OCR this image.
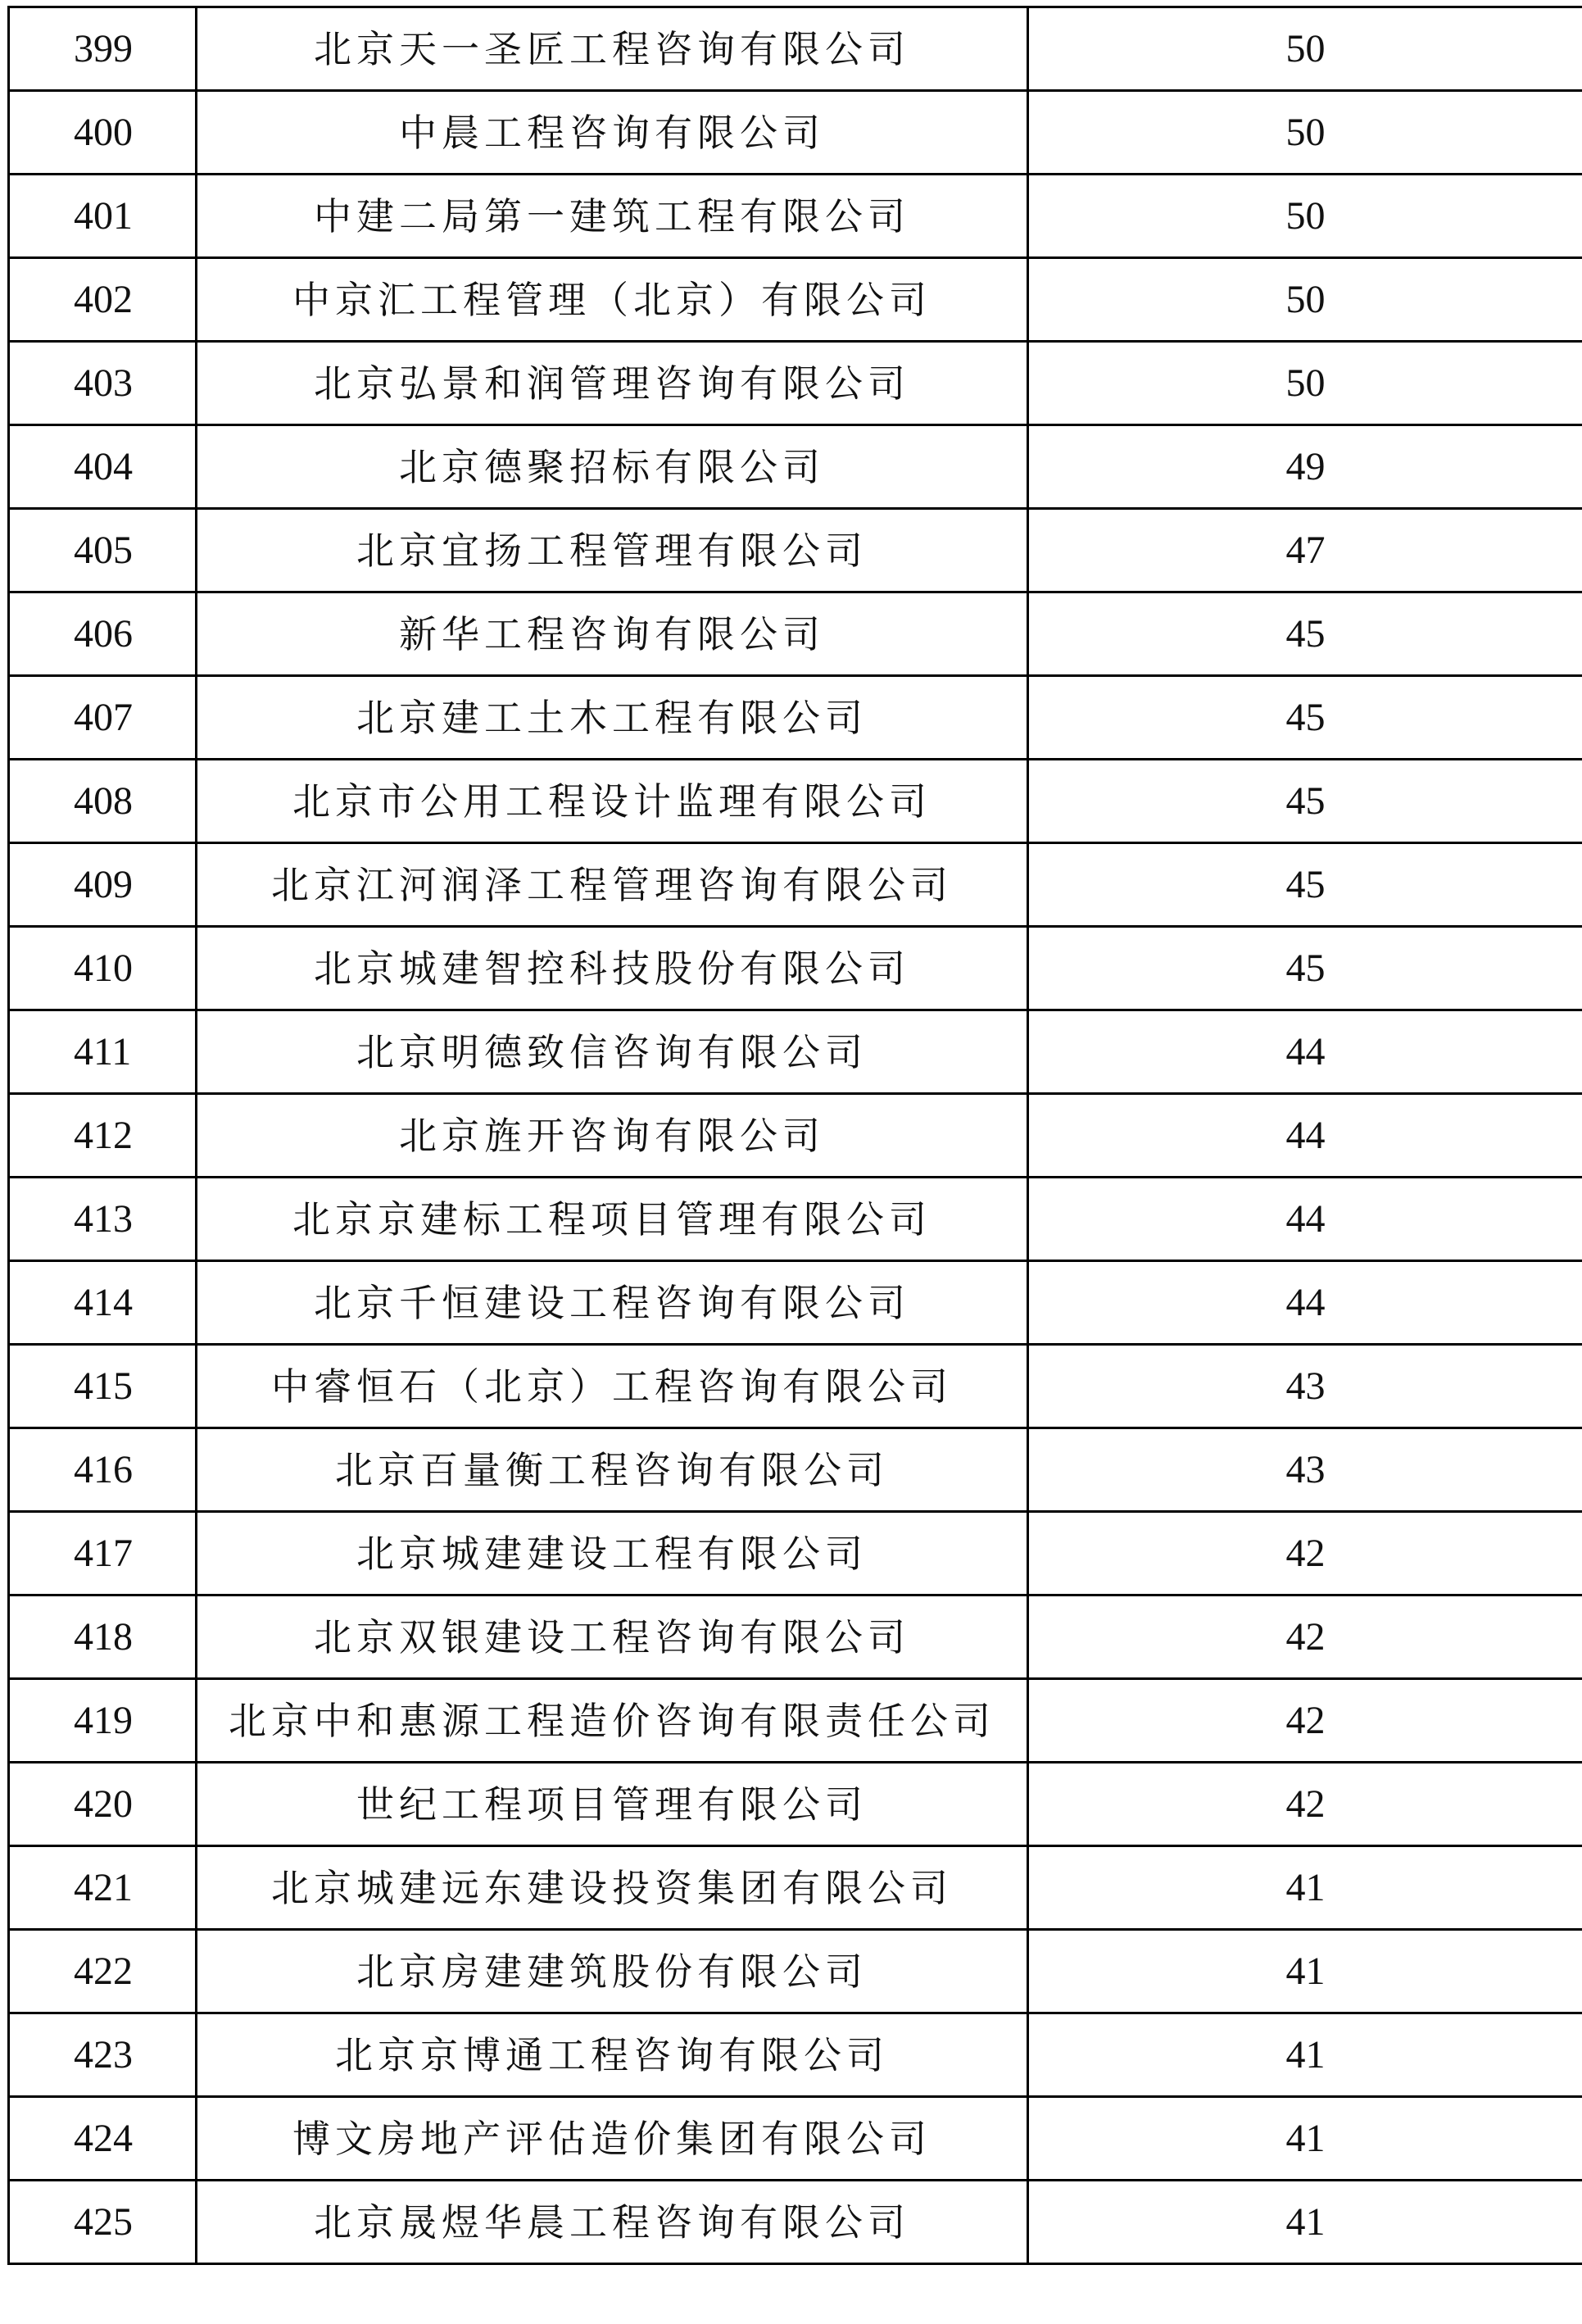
399	北京天一圣匠工程咨询有限公司	50
400	中晨工程咨询有限公司	50
401	中建二局第一建筑工程有限公司	50
402	中京汇工程管理（北京）有限公司	50
403	北京弘景和润管理咨询有限公司	50
404	北京德聚招标有限公司	49
405	北京宜扬工程管理有限公司	47
406	新华工程咨询有限公司	45
407	北京建工土木工程有限公司	45
408	北京市公用工程设计监理有限公司	45
409	北京江河润泽工程管理咨询有限公司	45
410	北京城建智控科技股份有限公司	45
411	北京明德致信咨询有限公司	44
412	北京旌开咨询有限公司	44
413	北京京建标工程项目管理有限公司	44
414	北京千恒建设工程咨询有限公司	44
415	中睿恒石（北京）工程咨询有限公司	43
416	北京百量衡工程咨询有限公司	43
417	北京城建建设工程有限公司	42
418	北京双银建设工程咨询有限公司	42
419	北京中和惠源工程造价咨询有限责任公司	42
420	世纪工程项目管理有限公司	42
421	北京城建远东建设投资集团有限公司	41
422	北京房建建筑股份有限公司	41
423	北京京博通工程咨询有限公司	41
424	博文房地产评估造价集团有限公司	41
425	北京晟煜华晨工程咨询有限公司	41
